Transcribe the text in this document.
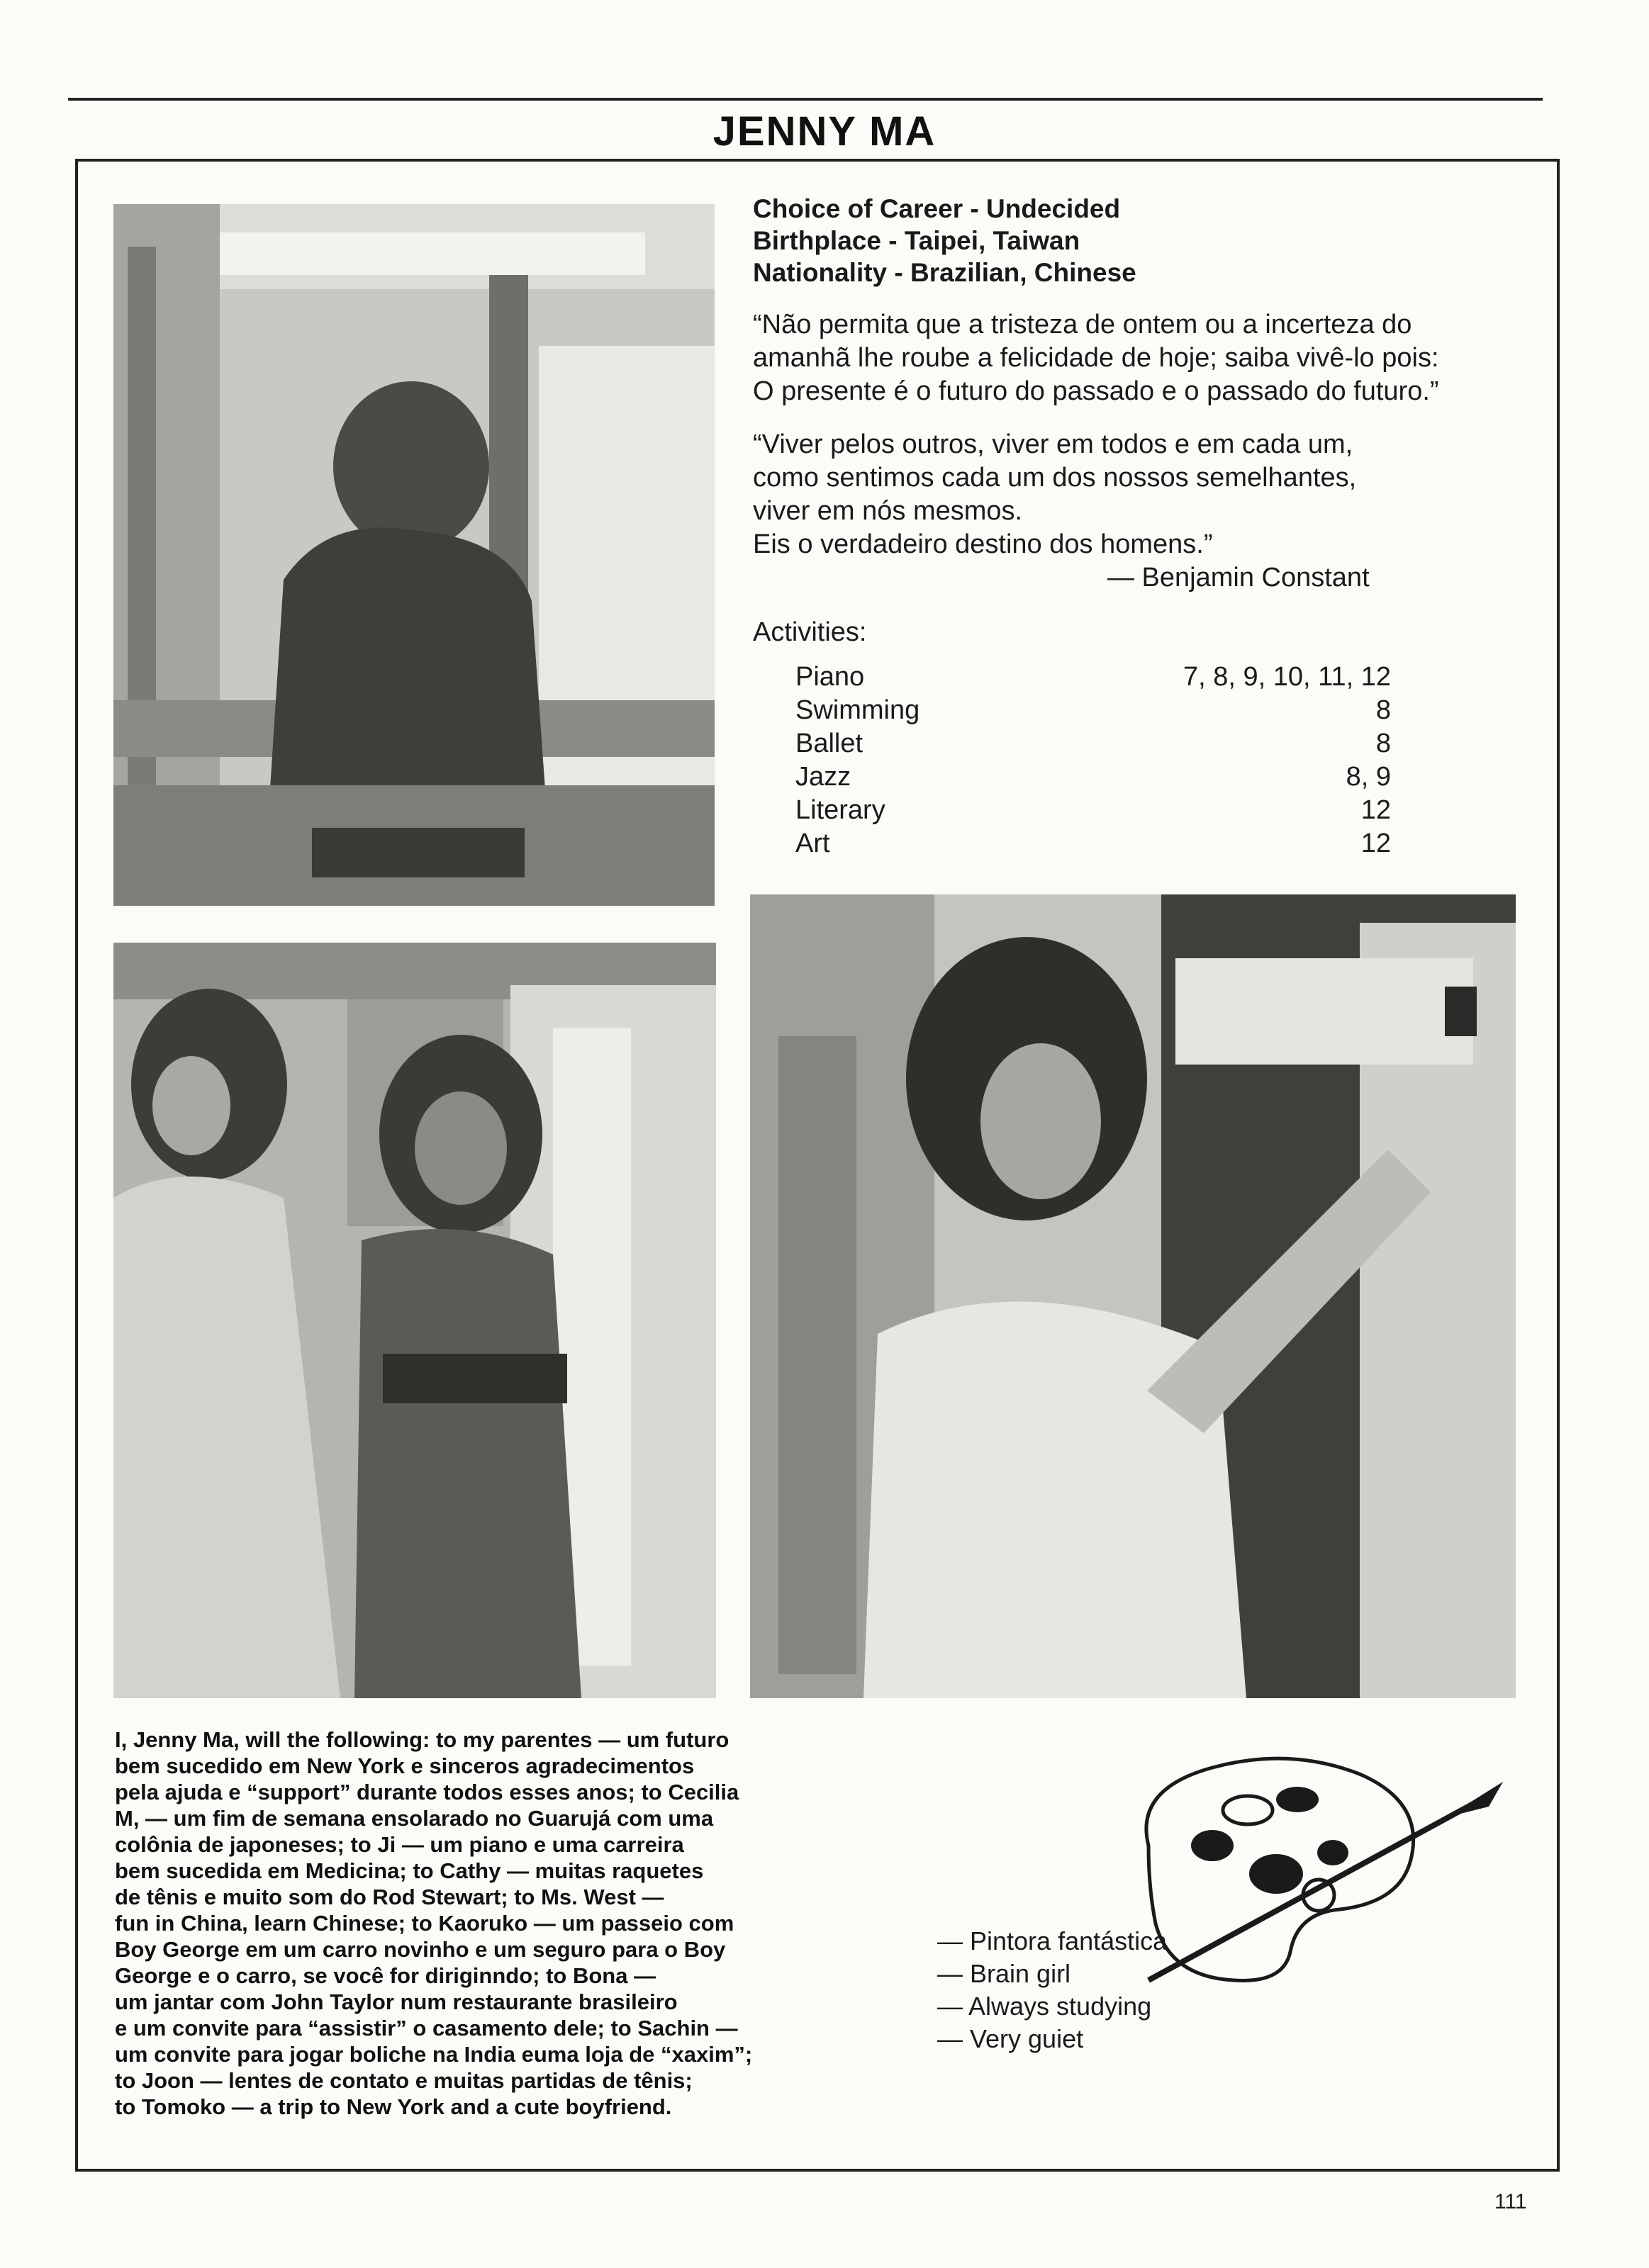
JENNY MA
Choice of Career - Undecided
Birthplace - Taipei, Taiwan
Nationality - Brazilian, Chinese

“Não permita que a tristeza de ontem ou a incerteza do

amanhã lhe roube a felicidade de hoje; saiba vivê-lo pois:

O presente é o futuro do passado e o passado do futuro.”

“Viver pelos outros, viver em todos e em cada um,

como sentimos cada um dos nossos semelhantes,

viver em nós mesmos.

Eis o verdadeiro destino dos homens.”

— Benjamin Constant

Activities:
Piano	7, 8, 9, 10, 11, 12
Swimming	8
Ballet	8
Jazz	8, 9
Literary	12
Art	12

I, Jenny Ma, will the following: to my parentes — um futuro

bem sucedido em New York e sinceros agradecimentos

pela ajuda e “support” durante todos esses anos; to Cecilia

M, — um fim de semana ensolarado no Guarujá com uma

colônia de japoneses; to Ji — um piano e uma carreira

bem sucedida em Medicina; to Cathy — muitas raquetes

de tênis e muito som do Rod Stewart; to Ms. West —

fun in China, learn Chinese; to Kaoruko — um passeio com

Boy George em um carro novinho e um seguro para o Boy

George e o carro, se você for diriginndo; to Bona —

um jantar com John Taylor num restaurante brasileiro

e um convite para “assistir” o casamento dele; to Sachin —

um convite para jogar boliche na India euma loja de “xaxim”;

to Joon — lentes de contato e muitas partidas de tênis;

to Tomoko — a trip to New York and a cute boyfriend.

— Pintora fantástica
— Brain girl
— Always studying
— Very guiet
111
